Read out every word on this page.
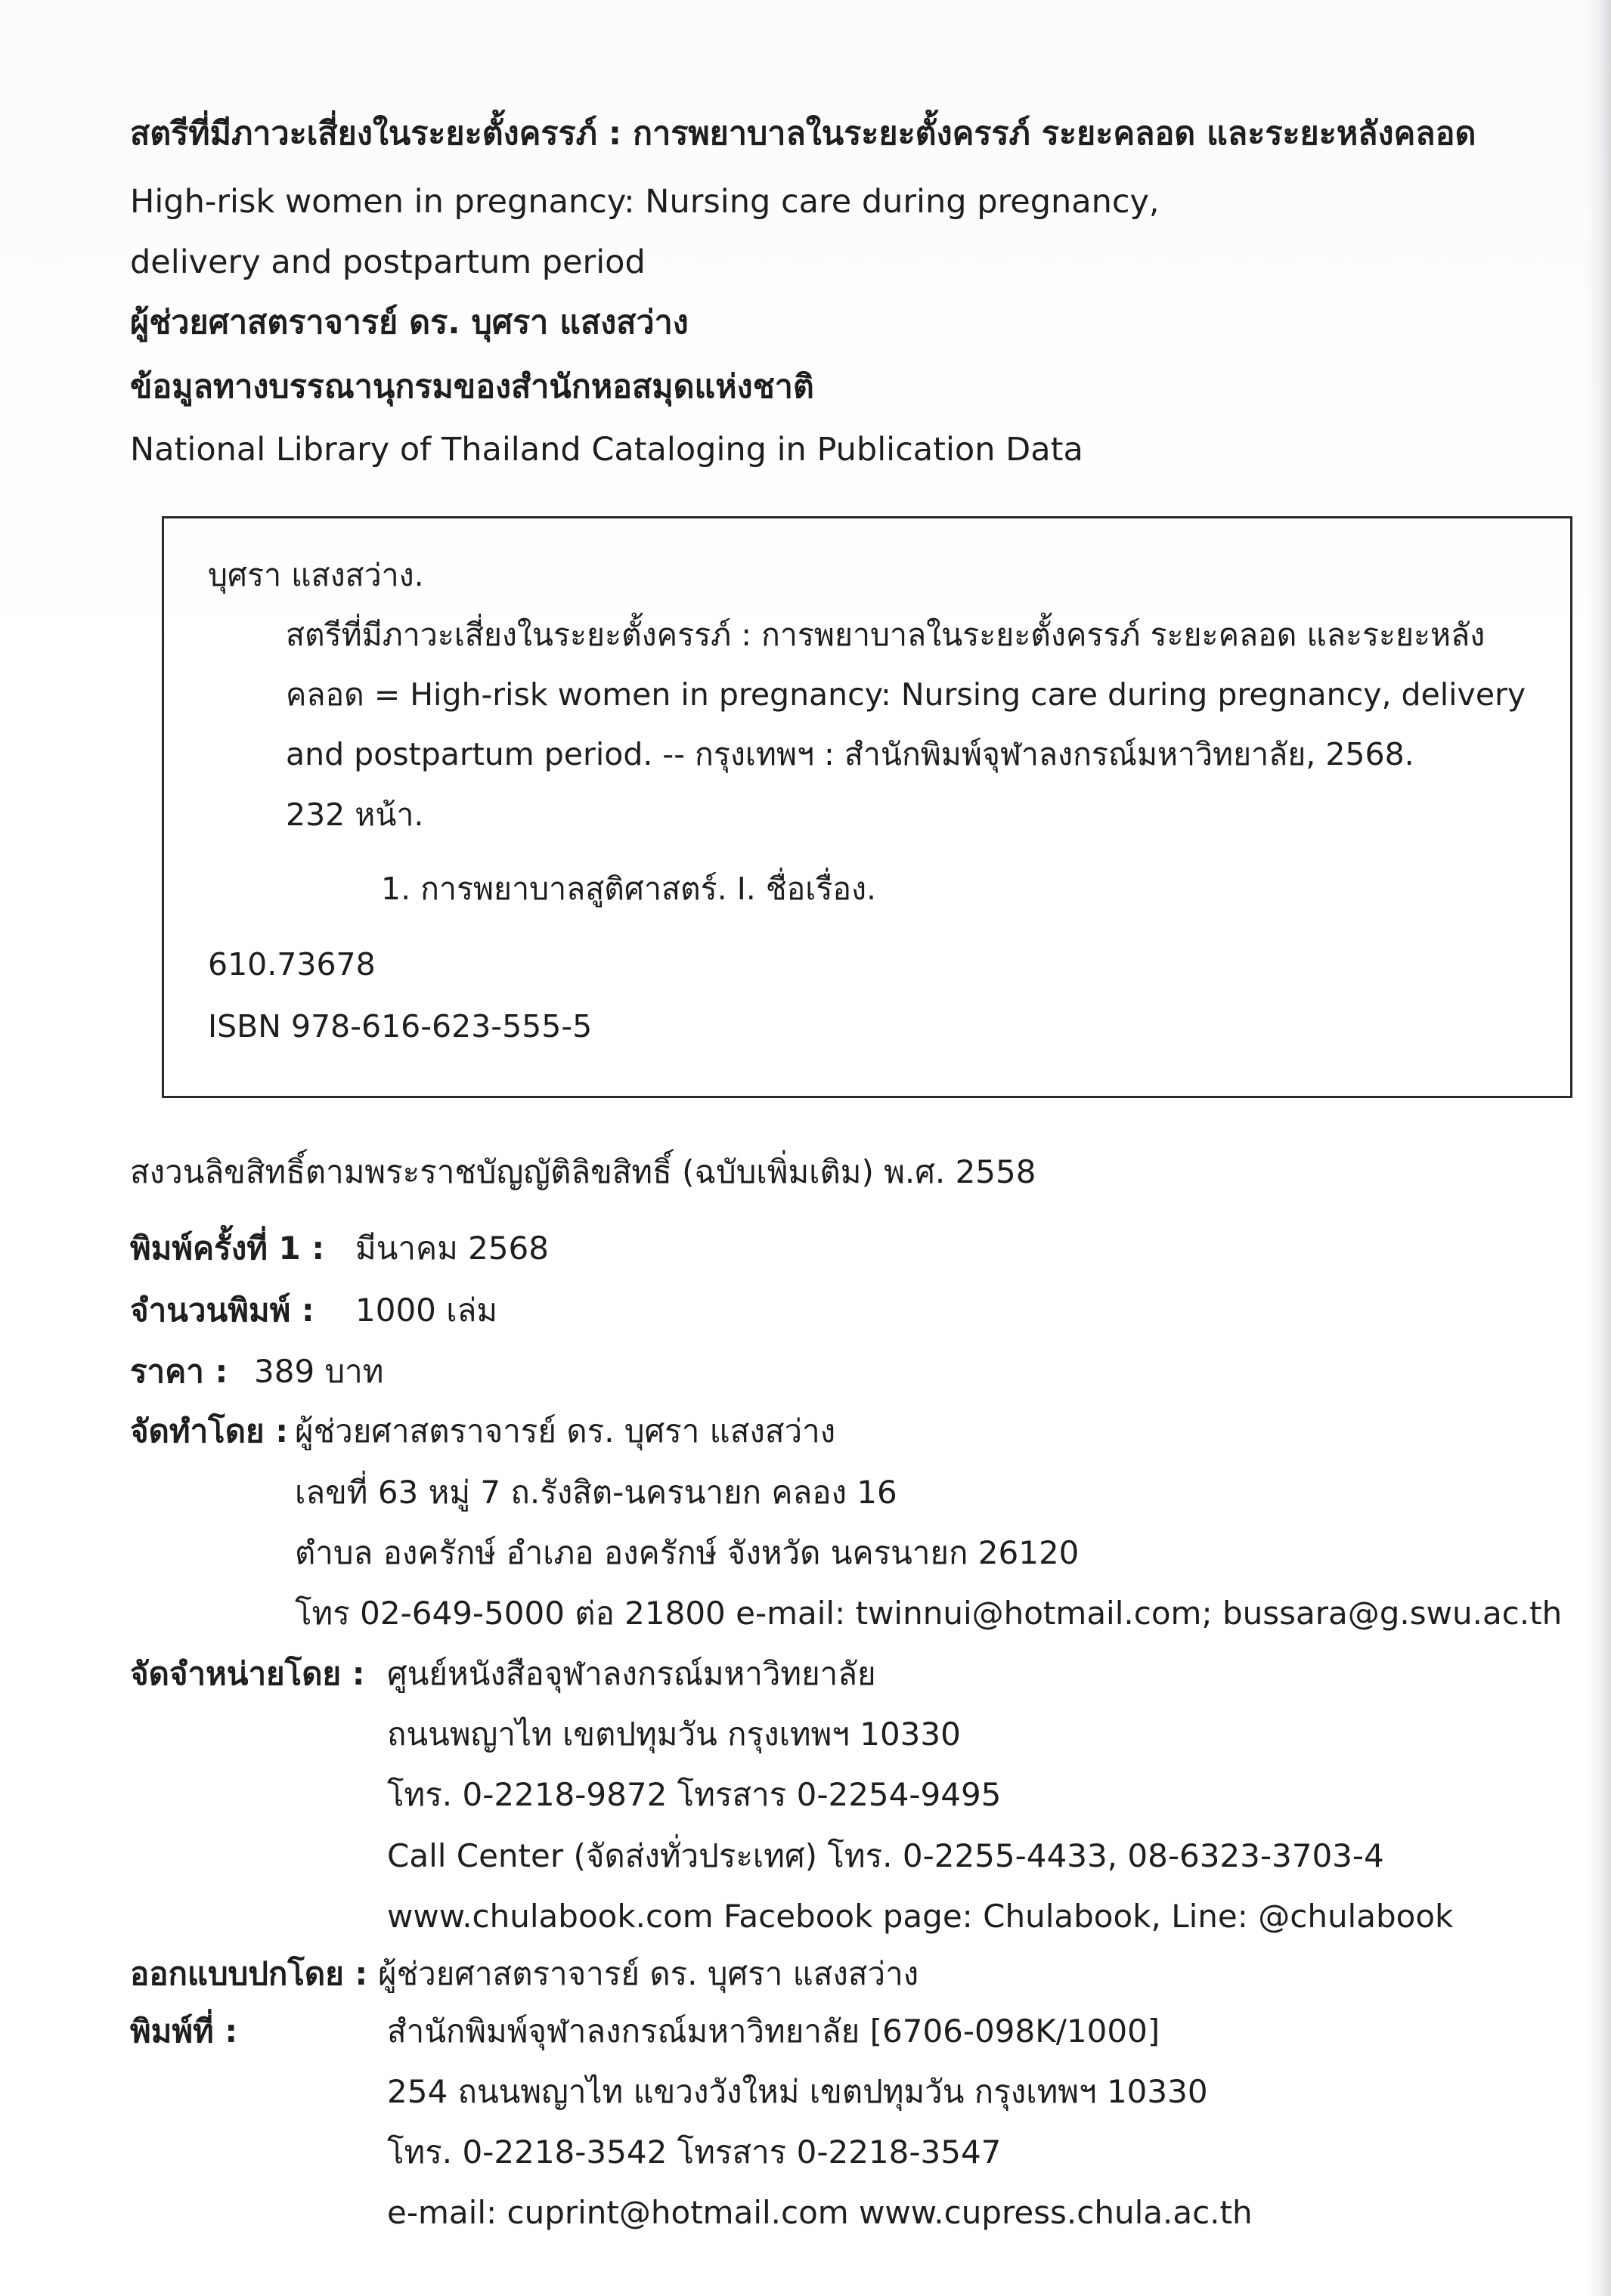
สตรีที่มีภาวะเสี่ยงในระยะตั้งครรภ์ : การพยาบาลในระยะตั้งครรภ์ ระยะคลอด และระยะหลังคลอด
High-risk women in pregnancy: Nursing care during pregnancy,
delivery and postpartum period
ผู้ช่วยศาสตราจารย์ ดร. บุศรา แสงสว่าง
ข้อมูลทางบรรณานุกรมของสำนักหอสมุดแห่งชาติ
National Library of Thailand Cataloging in Publication Data
บุศรา แสงสว่าง.
สตรีที่มีภาวะเสี่ยงในระยะตั้งครรภ์ : การพยาบาลในระยะตั้งครรภ์ ระยะคลอด และระยะหลัง
คลอด = High-risk women in pregnancy: Nursing care during pregnancy, delivery
and postpartum period. -- กรุงเทพฯ : สำนักพิมพ์จุฬาลงกรณ์มหาวิทยาลัย, 2568.
232 หน้า.
1. การพยาบาลสูติศาสตร์. I. ชื่อเรื่อง.
610.73678
ISBN 978-616-623-555-5
สงวนลิขสิทธิ์ตามพระราชบัญญัติลิขสิทธิ์ (ฉบับเพิ่มเติม) พ.ศ. 2558
พิมพ์ครั้งที่ 1 : มีนาคม 2568
จำนวนพิมพ์ : 1000 เล่ม
ราคา : 389 บาท
จัดทำโดย : ผู้ช่วยศาสตราจารย์ ดร. บุศรา แสงสว่าง
เลขที่ 63 หมู่ 7 ถ.รังสิต-นครนายก คลอง 16
ตำบล องครักษ์ อำเภอ องครักษ์ จังหวัด นครนายก 26120
โทร 02-649-5000 ต่อ 21800 e-mail: twinnui@hotmail.com; bussara@g.swu.ac.th
จัดจำหน่ายโดย : ศูนย์หนังสือจุฬาลงกรณ์มหาวิทยาลัย
ถนนพญาไท เขตปทุมวัน กรุงเทพฯ 10330
โทร. 0-2218-9872 โทรสาร 0-2254-9495
Call Center (จัดส่งทั่วประเทศ) โทร. 0-2255-4433, 08-6323-3703-4
www.chulabook.com Facebook page: Chulabook, Line: @chulabook
ออกแบบปกโดย : ผู้ช่วยศาสตราจารย์ ดร. บุศรา แสงสว่าง
พิมพ์ที่ :	สำนักพิมพ์จุฬาลงกรณ์มหาวิทยาลัย [6706-098K/1000]
254 ถนนพญาไท แขวงวังใหม่ เขตปทุมวัน กรุงเทพฯ 10330
โทร. 0-2218-3542 โทรสาร 0-2218-3547
e-mail: cuprint@hotmail.com www.cupress.chula.ac.th
